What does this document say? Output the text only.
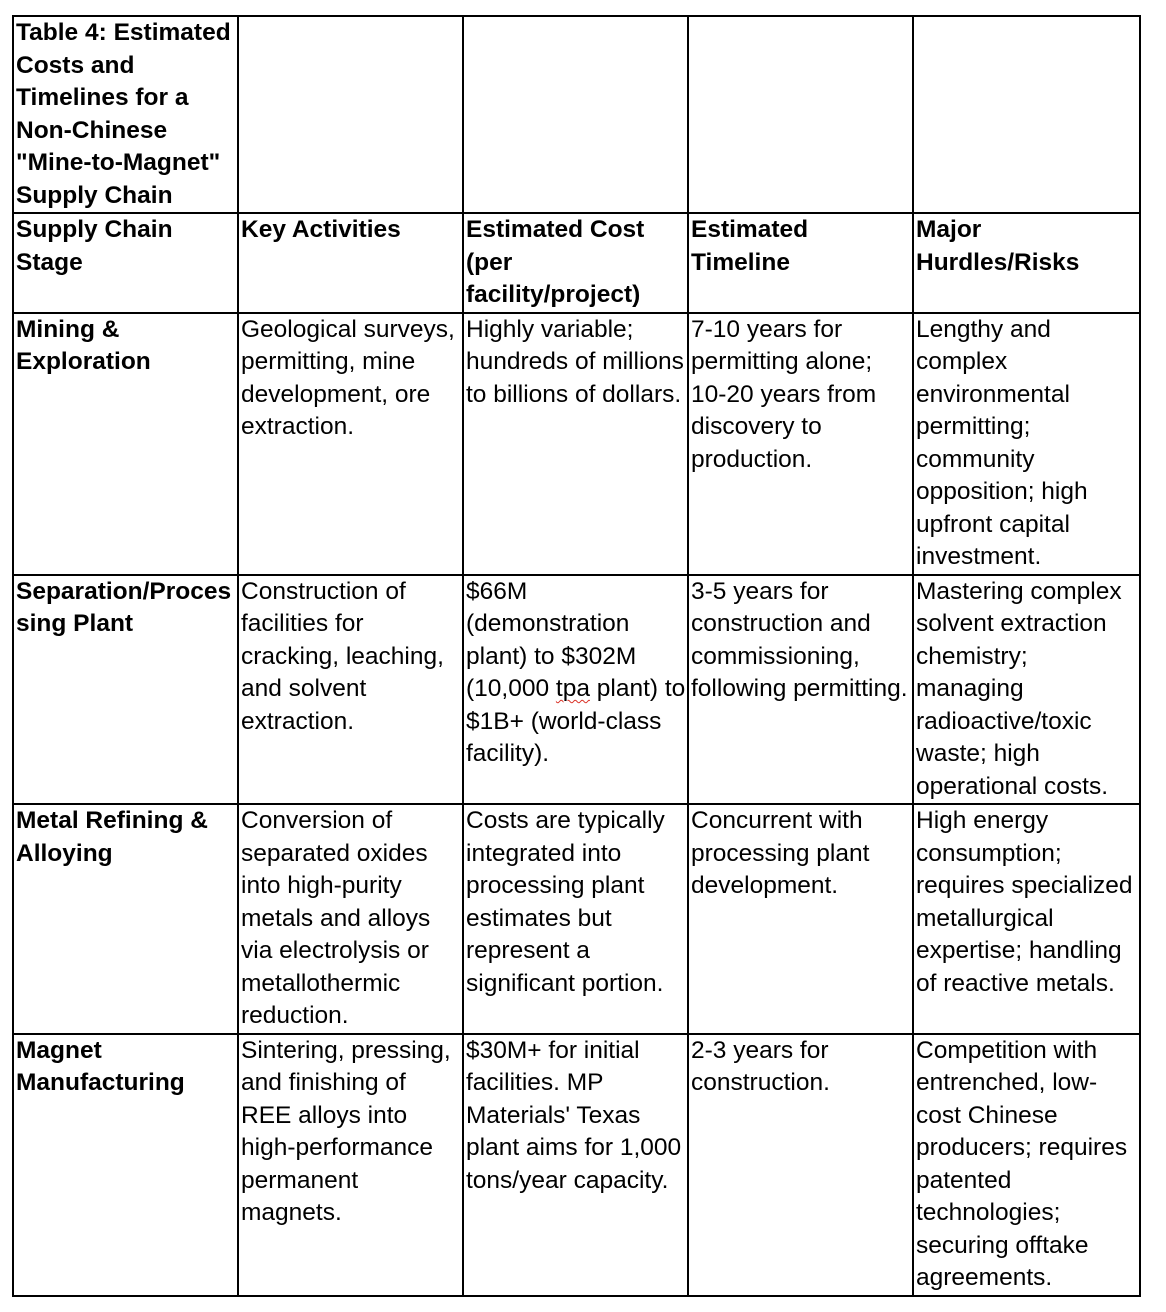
Table 4: Estimated Costs and Timelines for a Non-Chinese "Mine-to-Magnet" Supply Chain				
Supply Chain Stage	Key Activities	Estimated Cost (per facility/project)	Estimated Timeline	Major Hurdles/Risks
Mining & Exploration	Geological surveys, permitting, mine development, ore extraction.	Highly variable; hundreds of millions to billions of dollars.	7-10 years for permitting alone; 10-20 years from discovery to production.	Lengthy and complex environmental permitting; community opposition; high upfront capital investment.
Separation/Processing Plant	Construction of facilities for cracking, leaching, and solvent extraction.	$66M (demonstration plant) to $302M (10,000 tpa plant) to $1B+ (world-class facility).	3-5 years for construction and commissioning, following permitting.	Mastering complex solvent extraction chemistry; managing radioactive/toxic waste; high operational costs.
Metal Refining & Alloying	Conversion of separated oxides into high-purity metals and alloys via electrolysis or metallothermic reduction.	Costs are typically integrated into processing plant estimates but represent a significant portion.	Concurrent with processing plant development.	High energy consumption; requires specialized metallurgical expertise; handling of reactive metals.
Magnet Manufacturing	Sintering, pressing, and finishing of REE alloys into high-performance permanent magnets.	$30M+ for initial facilities. MP Materials' Texas plant aims for 1,000 tons/year capacity.	2-3 years for construction.	Competition with entrenched, low-cost Chinese producers; requires patented technologies; securing offtake agreements.
